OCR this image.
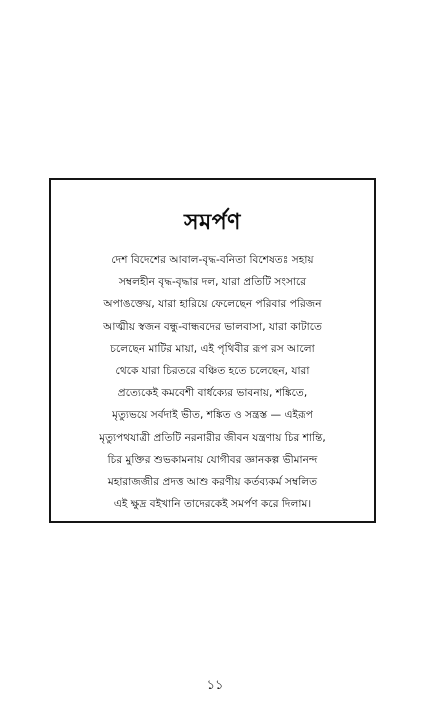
সমর্পণ
দেশ বিদেশের আবাল-বৃদ্ধ-বনিতা বিশেষতঃ সহায়
সম্বলহীন বৃদ্ধ-বৃদ্ধার দল, যারা প্রতিটি সংসারে
অপাঙক্তেয়, যারা হারিয়ে ফেলেছেন পরিবার পরিজন
আত্মীয় স্বজন বন্ধু-বান্ধবদের ভালবাসা, যারা কাটাতে
চলেছেন মাটির মায়া, এই পৃথিবীর রূপ রস আলো
থেকে যারা চিরতরে বঞ্চিত হতে চলেছেন, যারা
প্রত্যেকেই কমবেশী বার্ধক্যের ভাবনায়, শঙ্কিতে,
মৃত্যুভয়ে সর্বদাই ভীত, শঙ্কিত ও সন্ত্রস্ত — এইরূপ
মৃত্যুপথযাত্রী প্রতিটি নরনারীর জীবন যন্ত্রণায় চির শান্তি,
চির মুক্তির শুভকামনায় যোগীবর জ্ঞানকল্প ভীমানন্দ
মহারাজজীর প্রদত্ত আশু করণীয় কর্তব্যকর্ম সম্বলিত
এই ক্ষুদ্র বইখানি তাদেরকেই সমর্পণ করে দিলাম।
১১
